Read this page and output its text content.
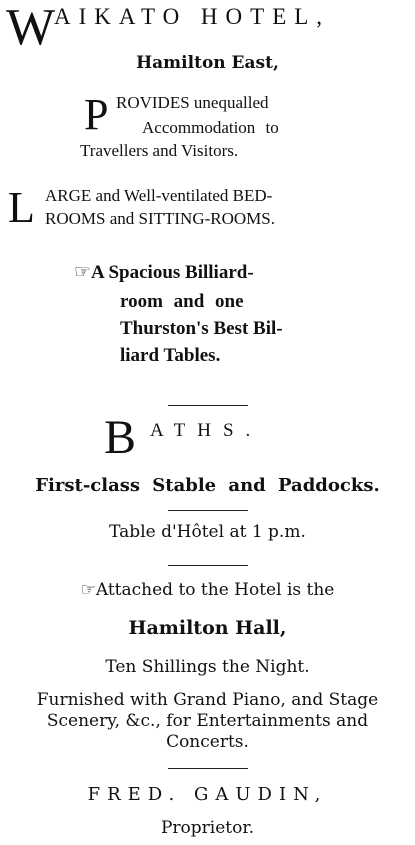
W
AIKATO HOTEL,
Hamilton East,
P ROVIDES unequalled
Accommodation to
Travellers and Visitors.
L ARGE and Well-ventilated BED-
ROOMS and SITTING-ROOMS.
☞A Spacious Billiard-
room and one
Thurston's Best Bil-
liard Tables.
B ATHS.
First-class Stable and Paddocks.
Table d'Hôtel at 1 p.m.
☞Attached to the Hotel is the
Hamilton Hall,
Ten Shillings the Night.
Furnished with Grand Piano, and Stage
Scenery, &c., for Entertainments and
Concerts.
FRED. GAUDIN,
Proprietor.
